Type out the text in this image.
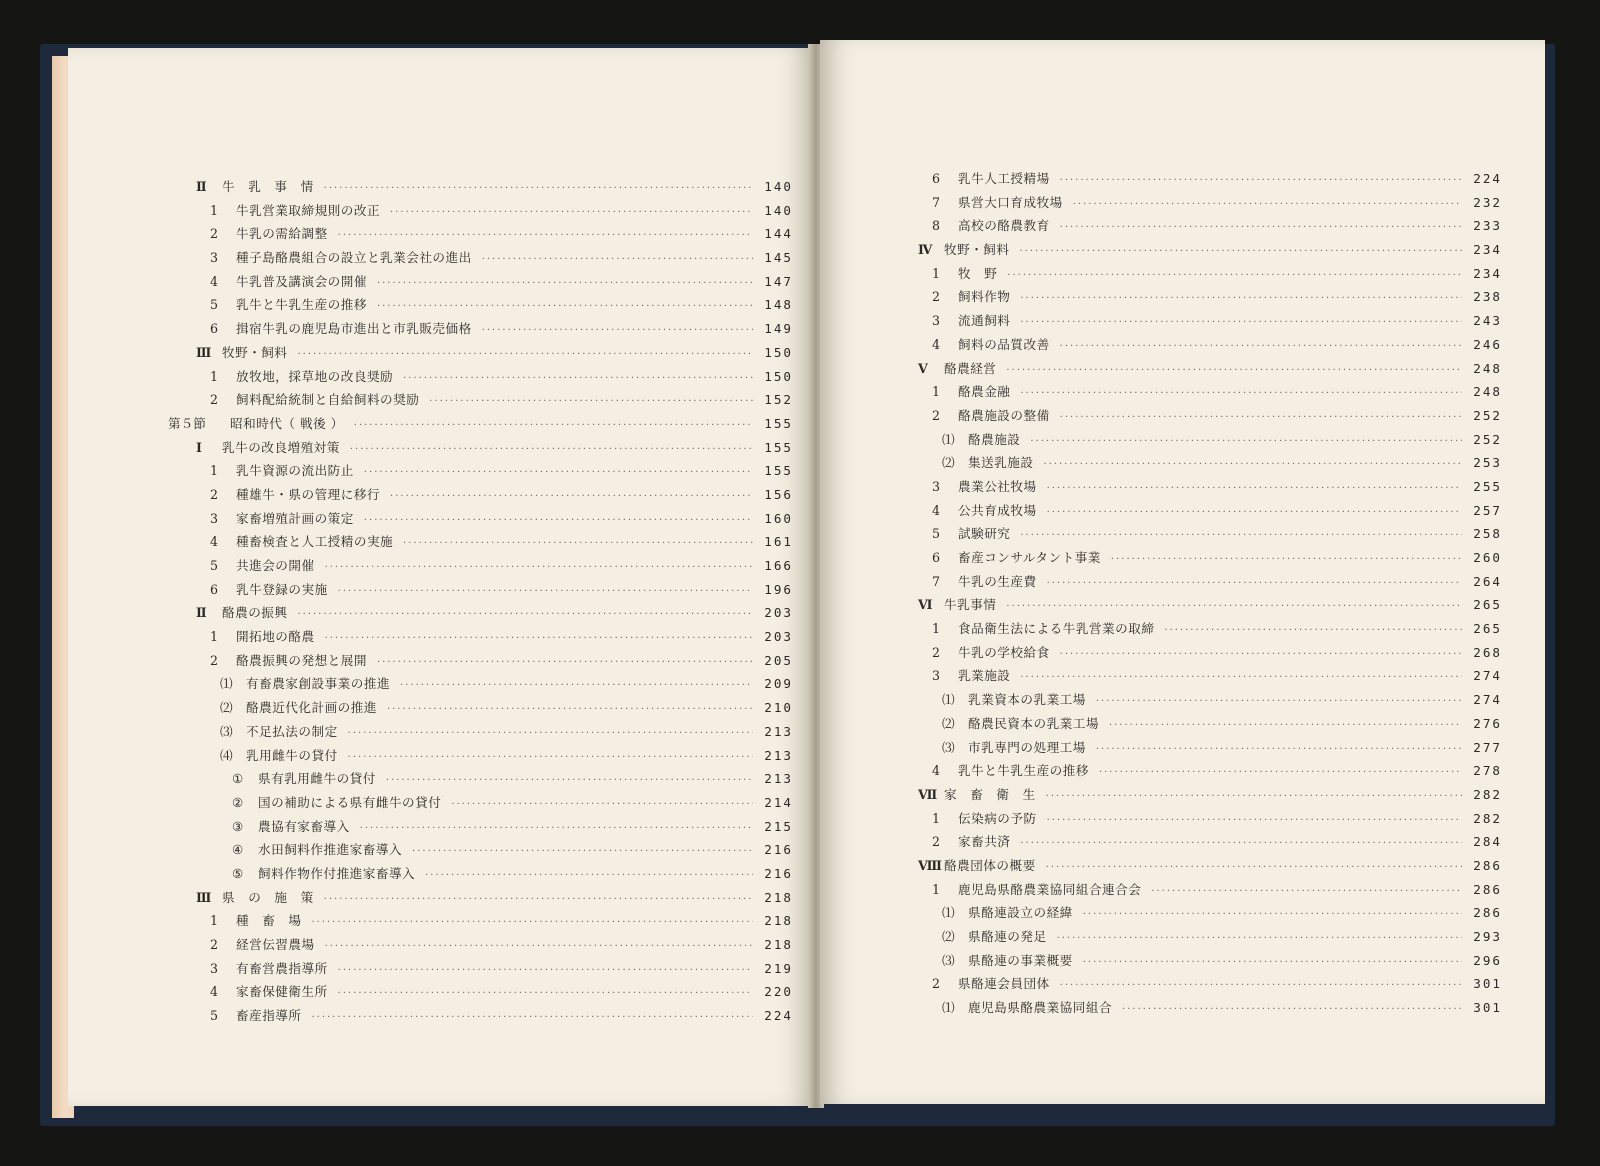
Ⅱ	牛　乳　事　情 ·····	140
1	牛乳営業取締規則の改正 ·····	140
2	牛乳の需給調整 ·····	144
3	種子島酪農組合の設立と乳業会社の進出 ·····	145
4	牛乳普及講演会の開催 ·····	147
5	乳牛と牛乳生産の推移 ·····	148
6	揖宿牛乳の鹿児島市進出と市乳販売価格 ·····	149
Ⅲ 牧野・飼料 ·····	150
1	放牧地，採草地の改良奨励 ·····	150
2	飼料配給統制と自給飼料の奨励 ·····	152
第５節	昭和時代（ 戦後 ） ·····	155
Ⅰ	乳牛の改良増殖対策 ·····	155
1	乳牛資源の流出防止 ·····	155
2	種雄牛・県の管理に移行 ·····	156
3	家畜増殖計画の策定 ·····	160
4	種畜検査と人工授精の実施 ·····	161
5	共進会の開催 ·····	166
6	乳牛登録の実施 ·····	196
Ⅱ	酪農の振興 ·····	203
1	開拓地の酪農 ·····	203
2	酪農振興の発想と展開 ·····	205
⑴	有畜農家創設事業の推進 ·····	209
⑵	酪農近代化計画の推進 ·····	210
⑶	不足払法の制定 ·····	213
⑷	乳用雌牛の貸付 ·····	213
①	県有乳用雌牛の貸付 ·····	213
②	国の補助による県有雌牛の貸付 ·····	214
③	農協有家畜導入 ·····	215
④	水田飼料作推進家畜導入 ·····	216
⑤	飼料作物作付推進家畜導入 ·····	216
Ⅲ 県　の　施　策 ·····	218
1	種　畜　場 ·····	218
2	経営伝習農場 ·····	218
3	有畜営農指導所 ·····	219
4	家畜保健衛生所 ·····	220
5	畜産指導所 ·····	224
6	乳牛人工授精場 ·····	224
7	県営大口育成牧場 ·····	232
8	高校の酪農教育 ·····	233
Ⅳ	牧野・飼料 ·····	234
1	牧　野 ·····	234
2	飼料作物 ·····	238
3	流通飼料 ·····	243
4	飼料の品質改善 ·····	246
Ⅴ	酪農経営 ·····	248
1	酪農金融 ·····	248
2	酪農施設の整備 ·····	252
⑴	酪農施設 ·····	252
⑵	集送乳施設 ·····	253
3	農業公社牧場 ·····	255
4	公共育成牧場 ·····	257
5	試験研究 ·····	258
6	畜産コンサルタント事業 ·····	260
7	牛乳の生産費 ·····	264
Ⅵ 牛乳事情 ·····	265
1	食品衛生法による牛乳営業の取締 ·····	265
2	牛乳の学校給食 ·····	268
3	乳業施設 ·····	274
⑴	乳業資本の乳業工場 ·····	274
⑵	酪農民資本の乳業工場 ·····	276
⑶	市乳専門の処理工場 ·····	277
4	乳牛と牛乳生産の推移 ·····	278
Ⅶ 家　畜　衛　生 ·····	282
1	伝染病の予防 ·····	282
2	家畜共済 ·····	284
Ⅷ 酪農団体の概要 ·····	286
1	鹿児島県酪農業協同組合連合会 ·····	286
⑴	県酪連設立の経緯 ·····	286
⑵	県酪連の発足 ·····	293
⑶	県酪連の事業概要 ·····	296
2	県酪連会員団体 ·····	301
⑴	鹿児島県酪農業協同組合 ·····	301
